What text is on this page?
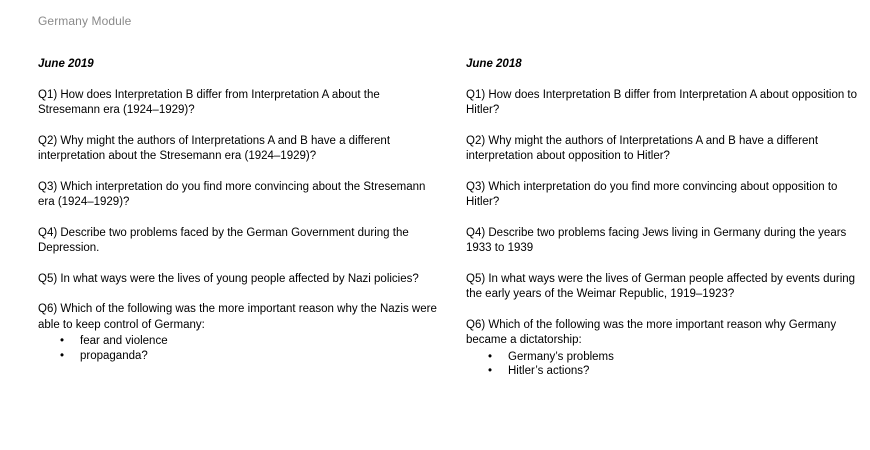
Germany Module
June 2019
Q1) How does Interpretation B differ from Interpretation A about the Stresemann era (1924–1929)?
Q2) Why might the authors of Interpretations A and B have a different interpretation about the Stresemann era (1924–1929)?
Q3) Which interpretation do you find more convincing about the Stresemann era (1924–1929)?
Q4) Describe two problems faced by the German Government during the Depression.
Q5) In what ways were the lives of young people affected by Nazi policies?
Q6) Which of the following was the more important reason why the Nazis were able to keep control of Germany:
• fear and violence
• propaganda?
June 2018
Q1) How does Interpretation B differ from Interpretation A about opposition to Hitler?
Q2) Why might the authors of Interpretations A and B have a different interpretation about opposition to Hitler?
Q3) Which interpretation do you find more convincing about opposition to Hitler?
Q4) Describe two problems facing Jews living in Germany during the years 1933 to 1939
Q5) In what ways were the lives of German people affected by events during the early years of the Weimar Republic, 1919–1923?
Q6) Which of the following was the more important reason why Germany became a dictatorship:
• Germany’s problems
• Hitler’s actions?
